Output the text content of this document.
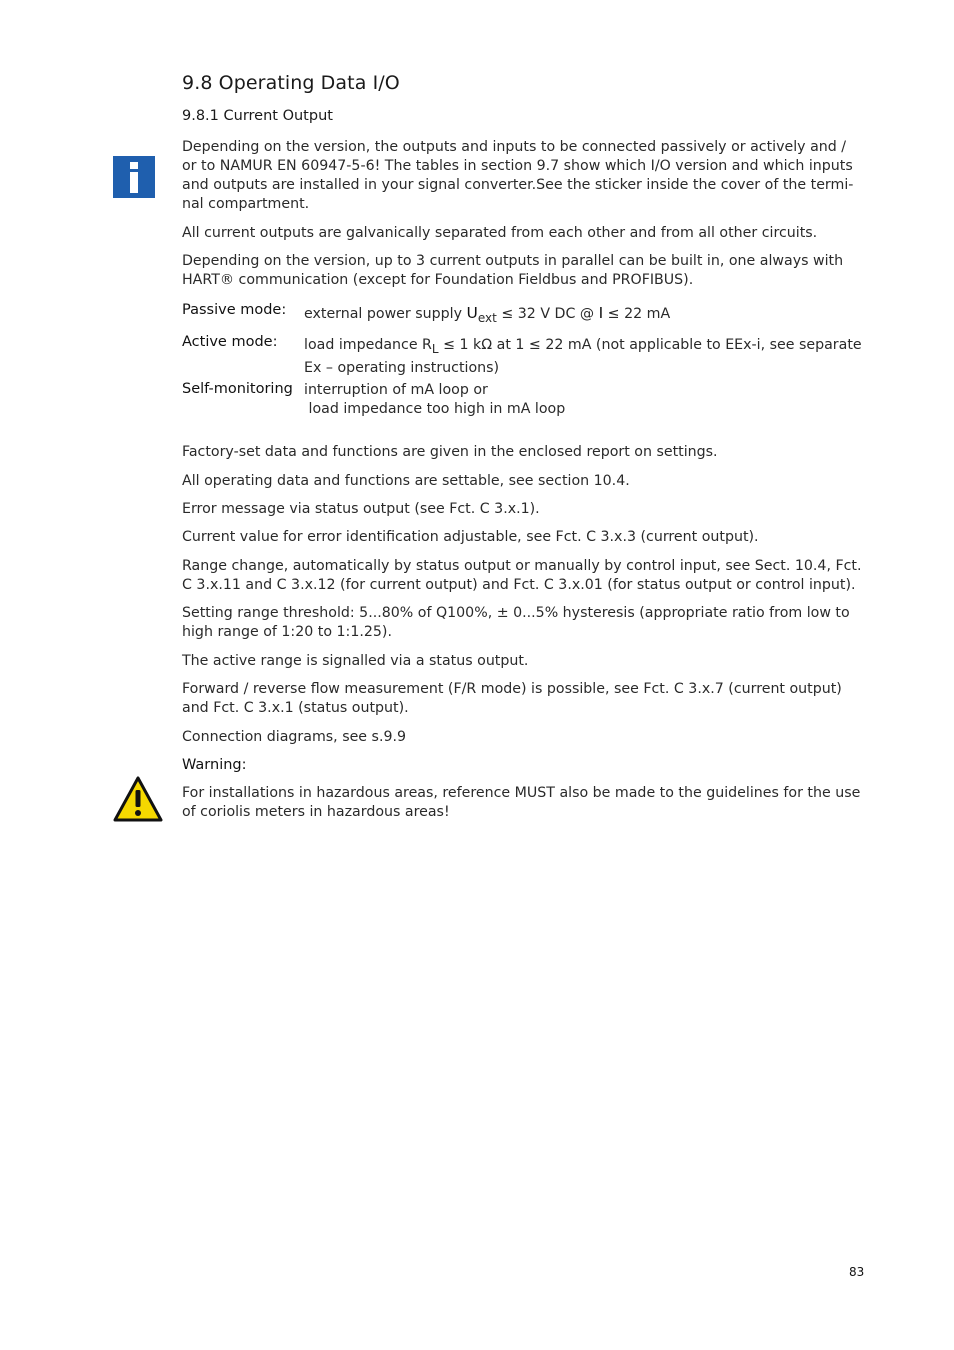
9.8 Operating Data I/O
9.8.1 Current Output
Depending on the version, the outputs and inputs to be connected passively or actively and / or to NAMUR EN 60947-5-6! The tables in section 9.7 show which I/O version and which inputs and outputs are installed in your signal converter.See the sticker inside the cover of the termi-nal compartment.
All current outputs are galvanically separated from each other and from all other circuits.
Depending on the version, up to 3 current outputs in parallel can be built in, one always with HART® communication (except for Foundation Fieldbus and PROFIBUS).
Passive mode: external power supply $U_{ext} \le 32$ V DC @ I ≤ 22 mA
Active mode: load impedance $R_L \le 1$ kΩ at 1 ≤ 22 mA (not applicable to EEx-i, see separate
Ex – operating instructions)
Self-monitoring interruption of mA loop or
load impedance too high in mA loop
Factory-set data and functions are given in the enclosed report on settings.
All operating data and functions are settable, see section 10.4.
Error message via status output (see Fct. C 3.x.1).
Current value for error identification adjustable, see Fct. C 3.x.3 (current output).
Range change, automatically by status output or manually by control input, see Sect. 10.4, Fct. C 3.x.11 and C 3.x.12 (for current output) and Fct. C 3.x.01 (for status output or control input).
Setting range threshold: 5...80% of Q100%, ± 0...5% hysteresis (appropriate ratio from low to high range of 1:20 to 1:1.25).
The active range is signalled via a status output.
Forward / reverse flow measurement (F/R mode) is possible, see Fct. C 3.x.7 (current output) and Fct. C 3.x.1 (status output).
Connection diagrams, see s.9.9
Warning:
For installations in hazardous areas, reference MUST also be made to the guidelines for the use of coriolis meters in hazardous areas!
83
